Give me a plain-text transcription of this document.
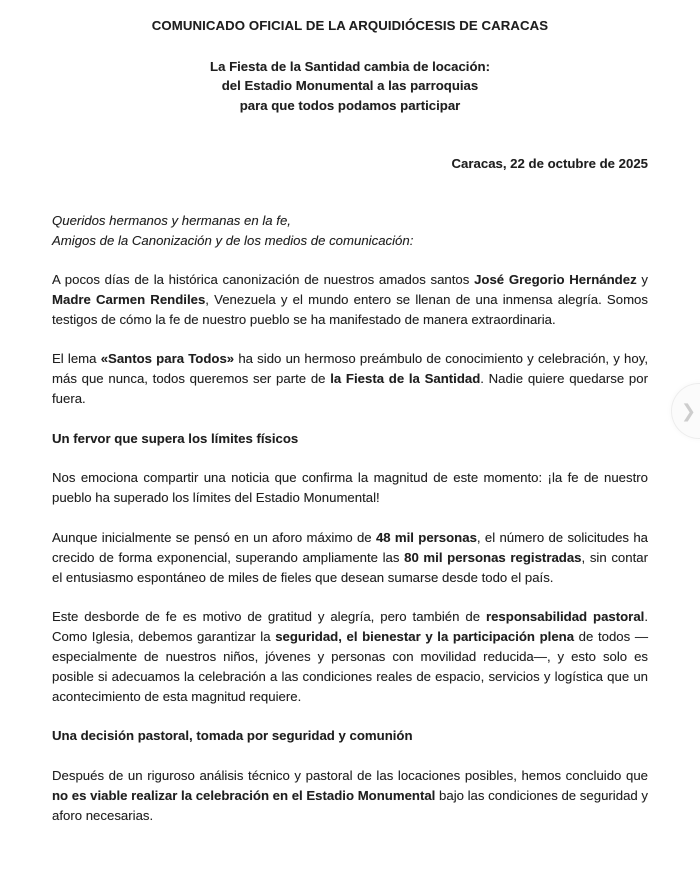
COMUNICADO OFICIAL DE LA ARQUIDIÓCESIS DE CARACAS
La Fiesta de la Santidad cambia de locación:
del Estadio Monumental a las parroquias
para que todos podamos participar
Caracas, 22 de octubre de 2025
Queridos hermanos y hermanas en la fe,
Amigos de la Canonización y de los medios de comunicación:

A pocos días de la histórica canonización de nuestros amados santos José Gregorio Hernández y Madre Carmen Rendiles, Venezuela y el mundo entero se llenan de una inmensa alegría. Somos testigos de cómo la fe de nuestro pueblo se ha manifestado de manera extraordinaria.

El lema «Santos para Todos» ha sido un hermoso preámbulo de conocimiento y celebración, y hoy, más que nunca, todos queremos ser parte de la Fiesta de la Santidad. Nadie quiere quedarse por fuera.

Un fervor que supera los límites físicos

Nos emociona compartir una noticia que confirma la magnitud de este momento: ¡la fe de nuestro pueblo ha superado los límites del Estadio Monumental!

Aunque inicialmente se pensó en un aforo máximo de 48 mil personas, el número de solicitudes ha crecido de forma exponencial, superando ampliamente las 80 mil personas registradas, sin contar el entusiasmo espontáneo de miles de fieles que desean sumarse desde todo el país.

Este desborde de fe es motivo de gratitud y alegría, pero también de responsabilidad pastoral. Como Iglesia, debemos garantizar la seguridad, el bienestar y la participación plena de todos —especialmente de nuestros niños, jóvenes y personas con movilidad reducida—, y esto solo es posible si adecuamos la celebración a las condiciones reales de espacio, servicios y logística que un acontecimiento de esta magnitud requiere.

Una decisión pastoral, tomada por seguridad y comunión

Después de un riguroso análisis técnico y pastoral de las locaciones posibles, hemos concluido que no es viable realizar la celebración en el Estadio Monumental bajo las condiciones de seguridad y aforo necesarias.

❯
